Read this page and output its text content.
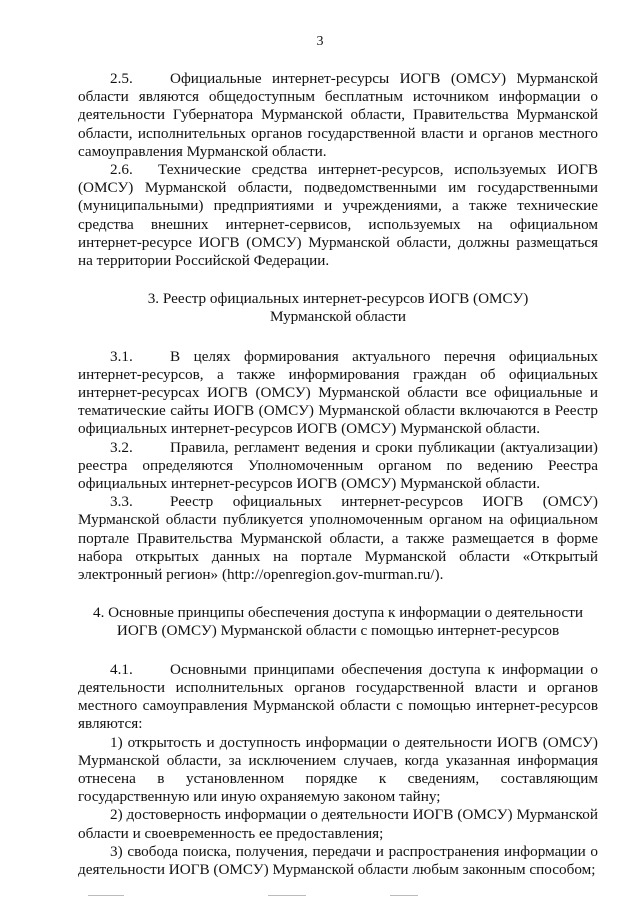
3

2.5. Официальные интернет-ресурсы ИОГВ (ОМСУ) Мурманской области являются общедоступным бесплатным источником информации о деятельности Губернатора Мурманской области, Правительства Мурманской области, исполнительных органов государственной власти и органов местного самоуправления Мурманской области.

2.6. Технические средства интернет-ресурсов, используемых ИОГВ (ОМСУ) Мурманской области, подведомственными им государственными (муниципальными) предприятиями и учреждениями, а также технические средства внешних интернет-сервисов, используемых на официальном интернет-ресурсе ИОГВ (ОМСУ) Мурманской области, должны размещаться на территории Российской Федерации.

3. Реестр официальных интернет-ресурсов ИОГВ (ОМСУ)
Мурманской области

3.1. В целях формирования актуального перечня официальных интернет-ресурсов, а также информирования граждан об официальных интернет-ресурсах ИОГВ (ОМСУ) Мурманской области все официальные и тематические сайты ИОГВ (ОМСУ) Мурманской области включаются в Реестр официальных интернет-ресурсов ИОГВ (ОМСУ) Мурманской области.

3.2. Правила, регламент ведения и сроки публикации (актуализации) реестра определяются Уполномоченным органом по ведению Реестра официальных интернет-ресурсов ИОГВ (ОМСУ) Мурманской области.

3.3. Реестр официальных интернет-ресурсов ИОГВ (ОМСУ) Мурманской области публикуется уполномоченным органом на официальном портале Правительства Мурманской области, а также размещается в форме набора открытых данных на портале Мурманской области «Открытый электронный регион» (http://openregion.gov-murman.ru/).

4. Основные принципы обеспечения доступа к информации о деятельности
ИОГВ (ОМСУ) Мурманской области с помощью интернет-ресурсов

4.1. Основными принципами обеспечения доступа к информации о деятельности исполнительных органов государственной власти и органов местного самоуправления Мурманской области с помощью интернет-ресурсов являются:

1) открытость и доступность информации о деятельности ИОГВ (ОМСУ) Мурманской области, за исключением случаев, когда указанная информация отнесена в установленном порядке к сведениям, составляющим государственную или иную охраняемую законом тайну;

2) достоверность информации о деятельности ИОГВ (ОМСУ) Мурманской области и своевременность ее предоставления;

3) свобода поиска, получения, передачи и распространения информации о деятельности ИОГВ (ОМСУ) Мурманской области любым законным способом;
